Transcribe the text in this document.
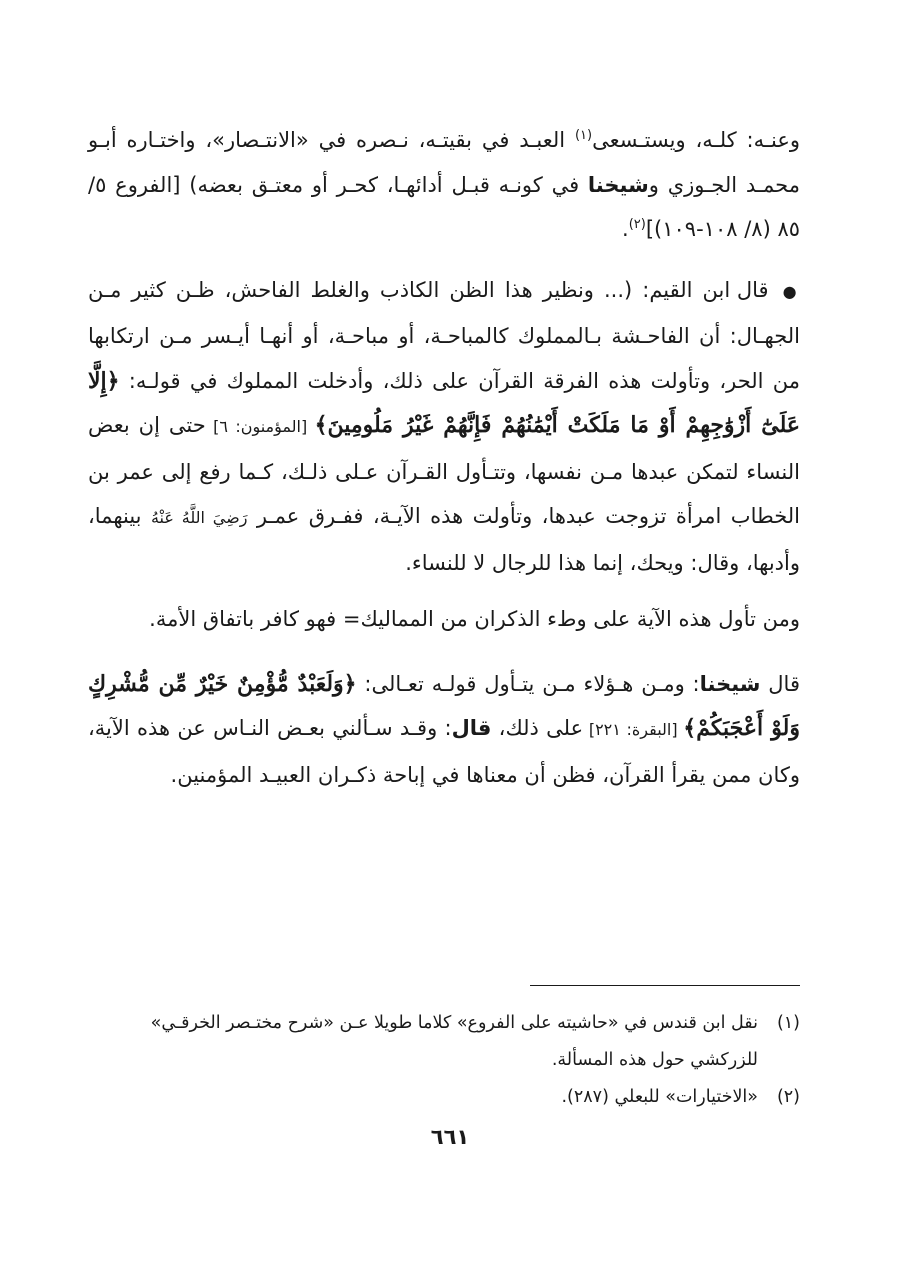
وعنـه: كلـه، ويستـسعى$^{(١)}$ العبـد في بقيتـه، نـصره في «الانتـصار»، واختـاره أبـو محمـد الجـوزي وشيخنا في كونـه قبـل أدائهـا، كحـر أو معتـق بعضه) [الفروع ٥/ ٨٥ (٨/ ١٠٨-١٠٩)]$^{(٢)}$.

● قال ابن القيم: (... ونظير هذا الظن الكاذب والغلط الفاحش، ظـن كثير مـن الجهـال: أن الفاحـشة بـالمملوك كالمباحـة، أو مباحـة، أو أنهـا أيـسر مـن ارتكابها من الحر، وتأولت هذه الفرقة القرآن على ذلك، وأدخلت المملوك في قولـه: ﴿إِلَّا عَلَىٰٓ أَزْوَٰجِهِمْ أَوْ مَا مَلَكَتْ أَيْمَٰنُهُمْ فَإِنَّهُمْ غَيْرُ مَلُومِينَ﴾ [المؤمنون: ٦] حتى إن بعض النساء لتمكن عبدها مـن نفسها، وتتـأول القـرآن عـلى ذلـك، كـما رفع إلى عمر بن الخطاب امرأة تزوجت عبدها، وتأولت هذه الآيـة، ففـرق عمـر رَضِيَ اللَّهُ عَنْهُ بينهما، وأدبها، وقال: ويحك، إنما هذا للرجال لا للنساء.

ومن تأول هذه الآية على وطء الذكران من المماليك= فهو كافر باتفاق الأمة.

قال شيخنا: ومـن هـؤلاء مـن يتـأول قولـه تعـالى: ﴿وَلَعَبْدٌ مُّؤْمِنٌ خَيْرٌ مِّن مُّشْرِكٍ وَلَوْ أَعْجَبَكُمْ﴾ [البقرة: ٢٢١] على ذلك، قال: وقـد سـألني بعـض النـاس عن هذه الآية، وكان ممن يقرأ القرآن، فظن أن معناها في إباحة ذكـران العبيـد المؤمنين.

(١)نقل ابن قندس في «حاشيته على الفروع» كلاما طويلا عـن «شرح مختـصر الخرقـي»

للزركشي حول هذه المسألة.

(٢)«الاختيارات» للبعلي (٢٨٧).

٦٦١
